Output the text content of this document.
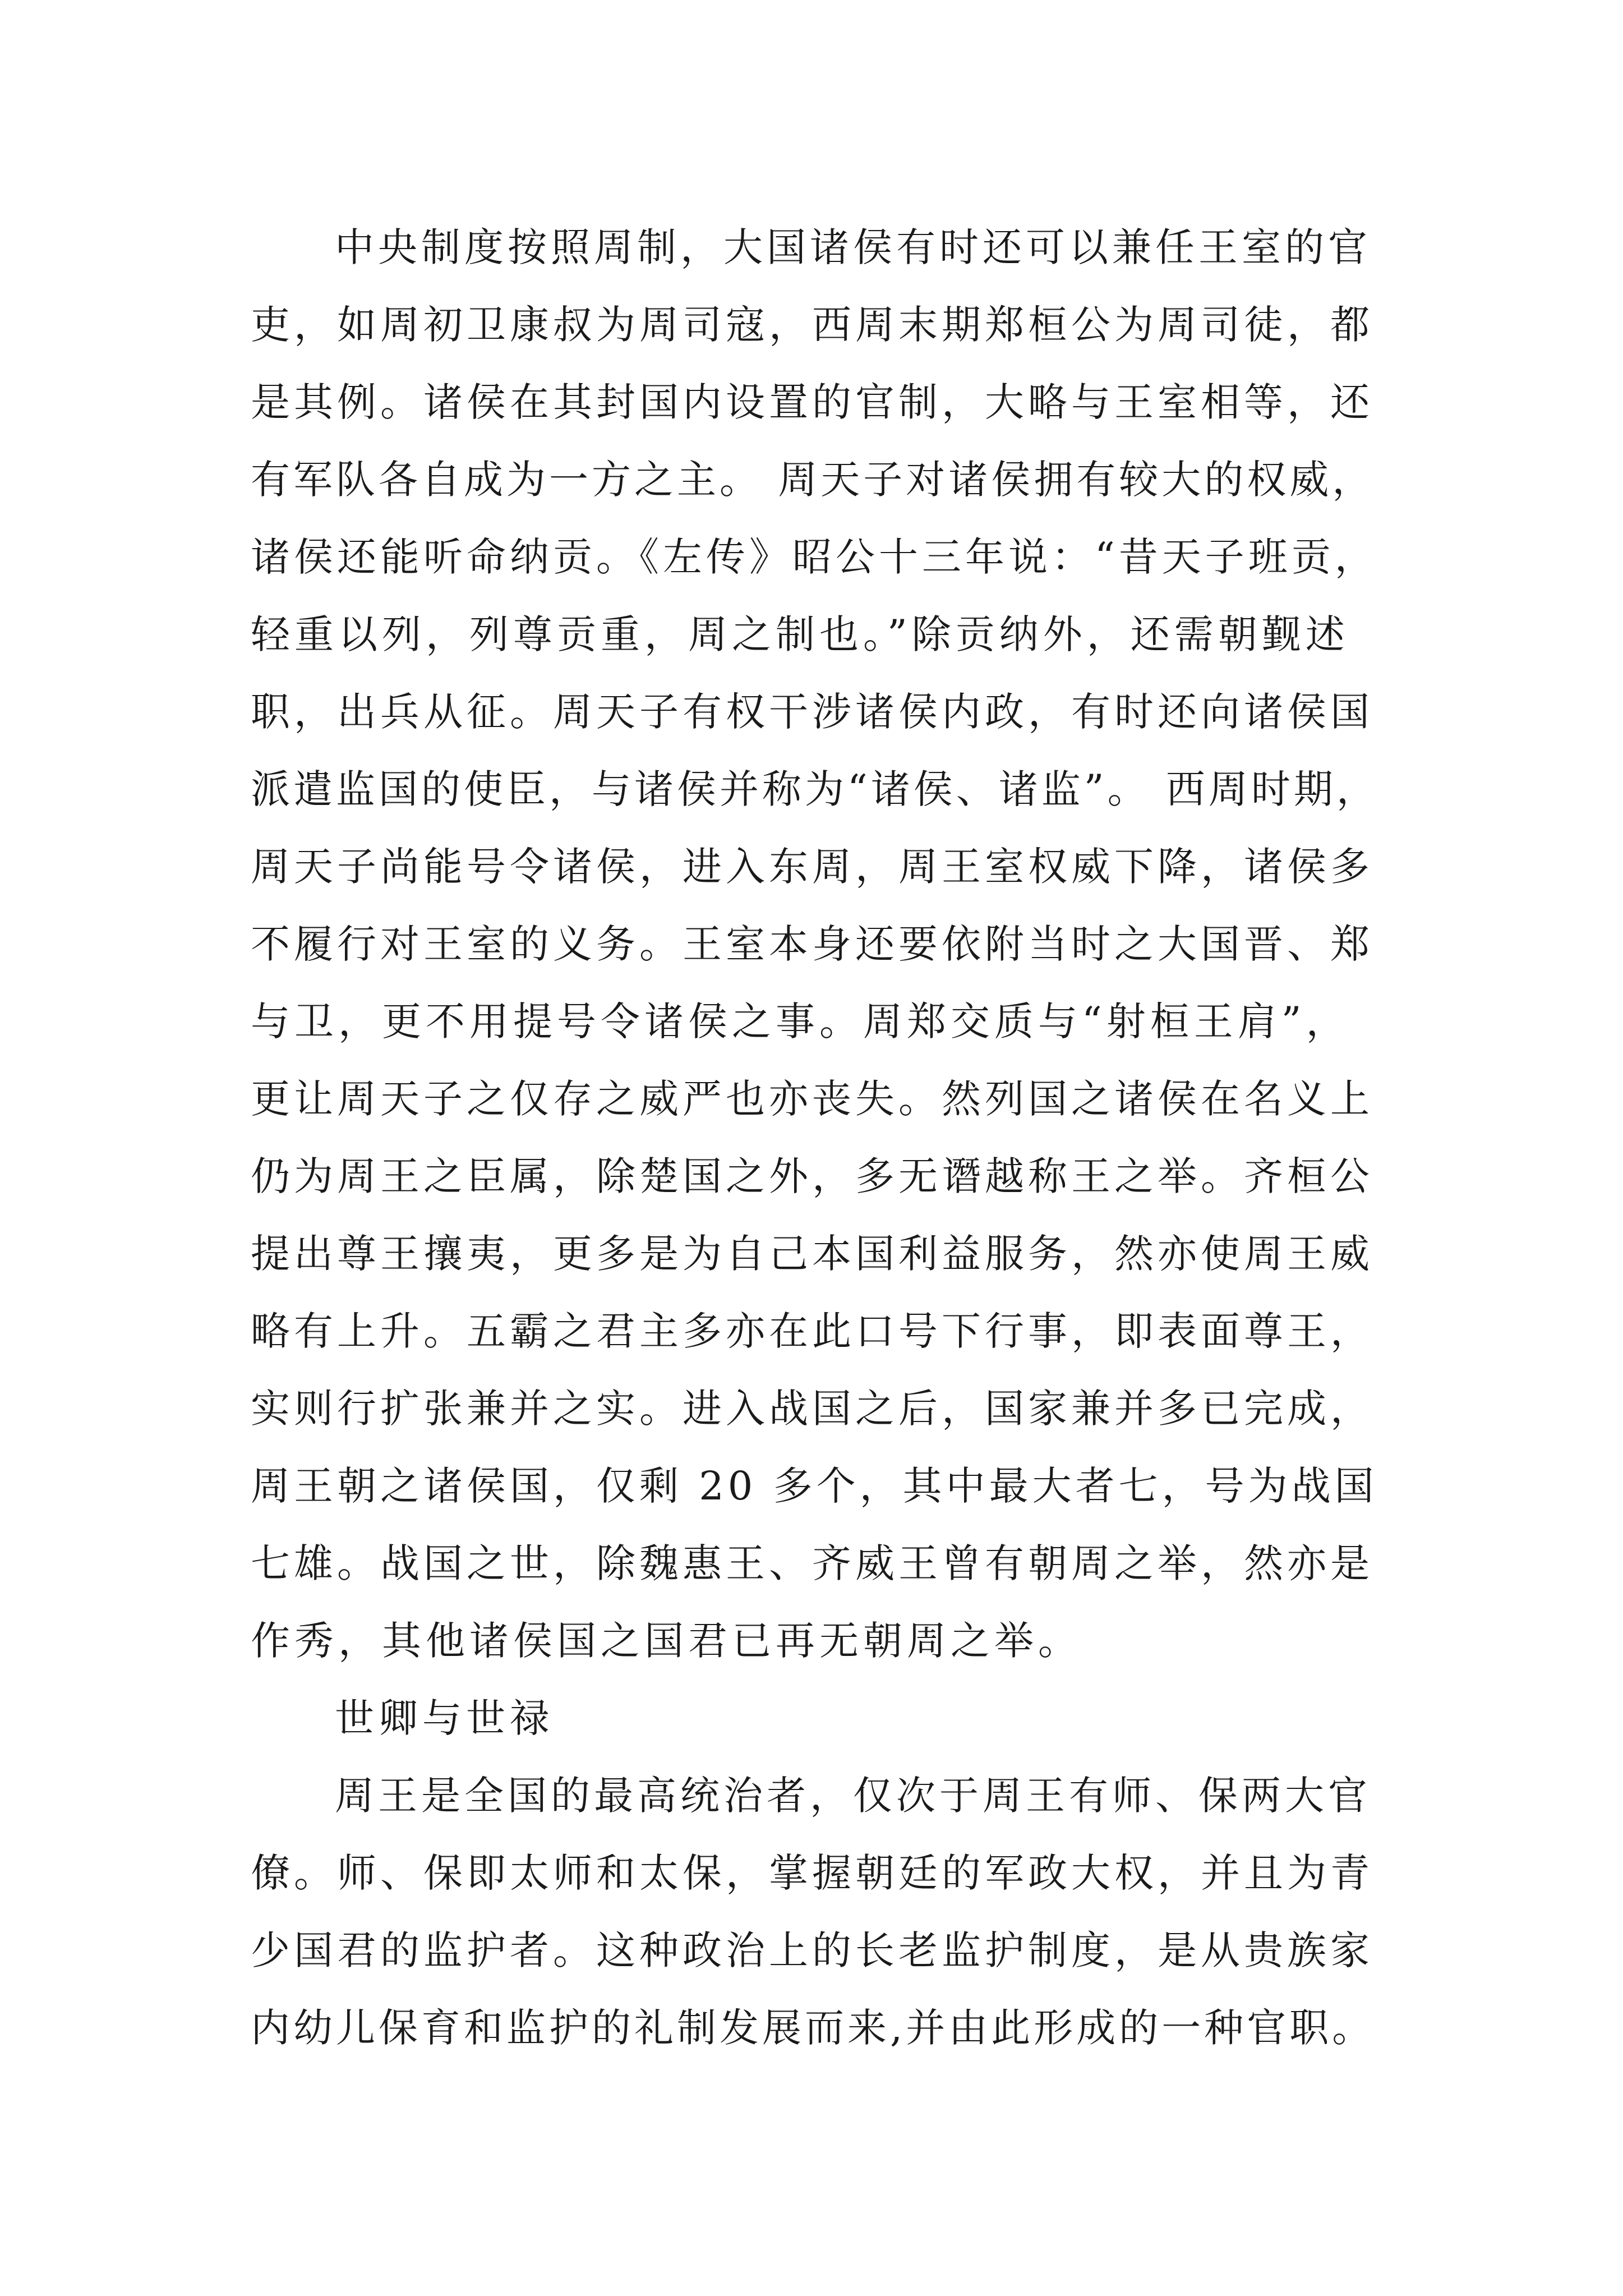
中央制度按照周制，大国诸侯有时还可以兼任王室的官
吏，如周初卫康叔为周司寇，西周末期郑桓公为周司徒，都
是其例。诸侯在其封国内设置的官制，大略与王室相等，还
有军队各自成为一方之主。 周天子对诸侯拥有较大的权威，
诸侯还能听命纳贡。《左传》昭公十三年说：“昔天子班贡，
轻重以列，列尊贡重，周之制也。”除贡纳外，还需朝觐述
职，出兵从征。周天子有权干涉诸侯内政，有时还向诸侯国
派遣监国的使臣，与诸侯并称为“诸侯、诸监”。 西周时期，
周天子尚能号令诸侯，进入东周，周王室权威下降，诸侯多
不履行对王室的义务。王室本身还要依附当时之大国晋、郑
与卫，更不用提号令诸侯之事。周郑交质与“射桓王肩”，
更让周天子之仅存之威严也亦丧失。然列国之诸侯在名义上
仍为周王之臣属，除楚国之外，多无谮越称王之举。齐桓公
提出尊王攘夷，更多是为自己本国利益服务，然亦使周王威
略有上升。五霸之君主多亦在此口号下行事，即表面尊王，
实则行扩张兼并之实。进入战国之后，国家兼并多已完成，
周王朝之诸侯国，仅剩 20 多个，其中最大者七，号为战国
七雄。战国之世，除魏惠王、齐威王曾有朝周之举，然亦是
作秀，其他诸侯国之国君已再无朝周之举。
世卿与世禄
周王是全国的最高统治者，仅次于周王有师、保两大官
僚。师、保即太师和太保，掌握朝廷的军政大权，并且为青
少国君的监护者。这种政治上的长老监护制度，是从贵族家
内幼儿保育和监护的礼制发展而来,并由此形成的一种官职。
